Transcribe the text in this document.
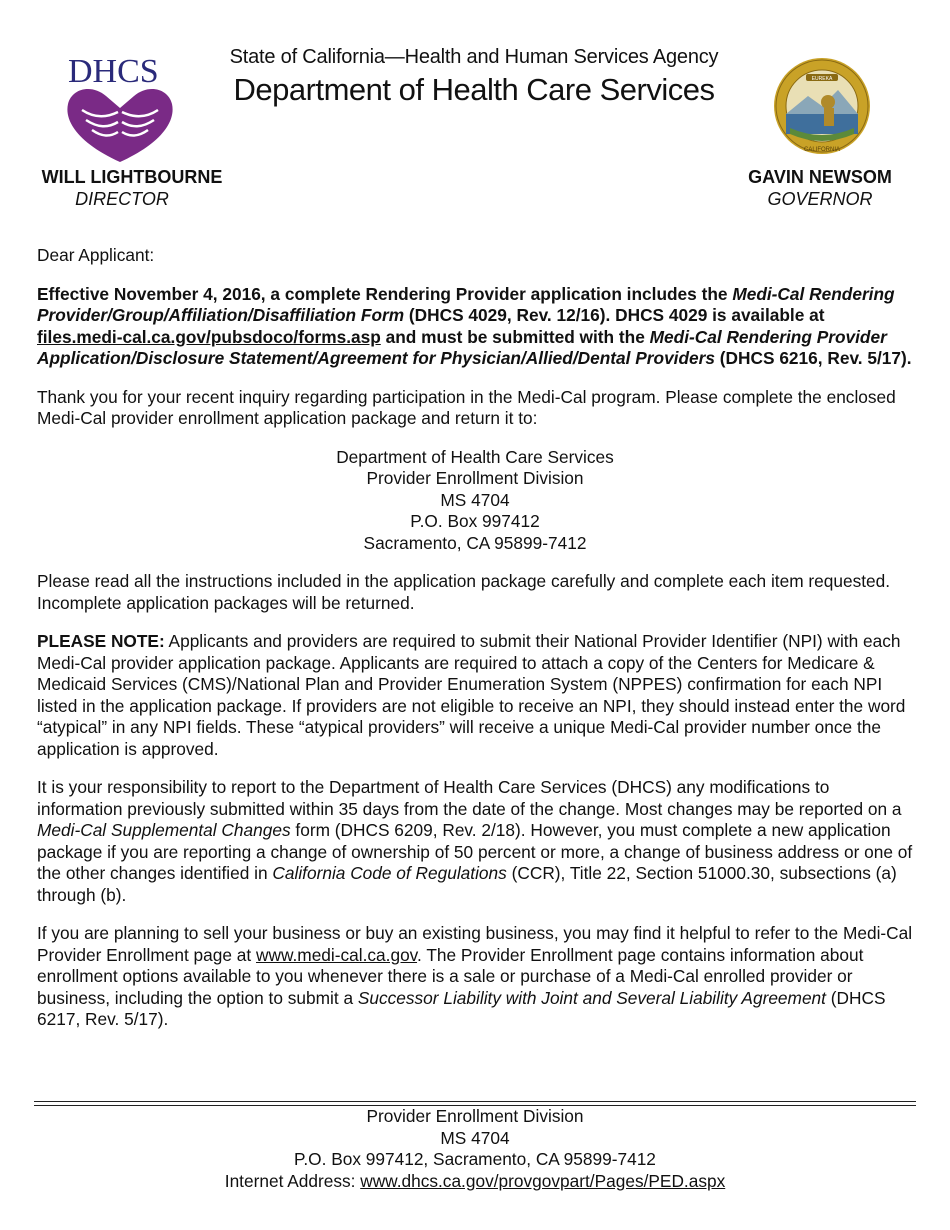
DHCS
WILL LIGHTBOURNE
DIRECTOR
State of California—Health and Human Services Agency
Department of Health Care Services	EUREKA
CALIFORNIA
GAVIN NEWSOM
GOVERNOR

Dear Applicant:

Effective November 4, 2016, a complete Rendering Provider application includes the Medi-Cal Rendering Provider/Group/Affiliation/Disaffiliation Form (DHCS 4029, Rev. 12/16). DHCS 4029 is available at files.medi-cal.ca.gov/pubsdoco/forms.asp and must be submitted with the Medi-Cal Rendering Provider Application/Disclosure Statement/Agreement for Physician/Allied/Dental Providers (DHCS 6216, Rev. 5/17).

Thank you for your recent inquiry regarding participation in the Medi-Cal program. Please complete the enclosed Medi-Cal provider enrollment application package and return it to:

Department of Health Care Services
Provider Enrollment Division
MS 4704
P.O. Box 997412
Sacramento, CA 95899-7412

Please read all the instructions included in the application package carefully and complete each item requested. Incomplete application packages will be returned.

PLEASE NOTE: Applicants and providers are required to submit their National Provider Identifier (NPI) with each Medi-Cal provider application package. Applicants are required to attach a copy of the Centers for Medicare & Medicaid Services (CMS)/National Plan and Provider Enumeration System (NPPES) confirmation for each NPI listed in the application package. If providers are not eligible to receive an NPI, they should instead enter the word “atypical” in any NPI fields. These “atypical providers” will receive a unique Medi-Cal provider number once the application is approved.

It is your responsibility to report to the Department of Health Care Services (DHCS) any modifications to information previously submitted within 35 days from the date of the change. Most changes may be reported on a Medi-Cal Supplemental Changes form (DHCS 6209, Rev. 2/18). However, you must complete a new application package if you are reporting a change of ownership of 50 percent or more, a change of business address or one of the other changes identified in California Code of Regulations (CCR), Title 22, Section 51000.30, subsections (a) through (b).

If you are planning to sell your business or buy an existing business, you may find it helpful to refer to the Medi-Cal Provider Enrollment page at www.medi-cal.ca.gov. The Provider Enrollment page contains information about enrollment options available to you whenever there is a sale or purchase of a Medi-Cal enrolled provider or business, including the option to submit a Successor Liability with Joint and Several Liability Agreement (DHCS 6217, Rev. 5/17).

Provider Enrollment Division
MS 4704
P.O. Box 997412, Sacramento, CA 95899-7412
Internet Address: www.dhcs.ca.gov/provgovpart/Pages/PED.aspx
